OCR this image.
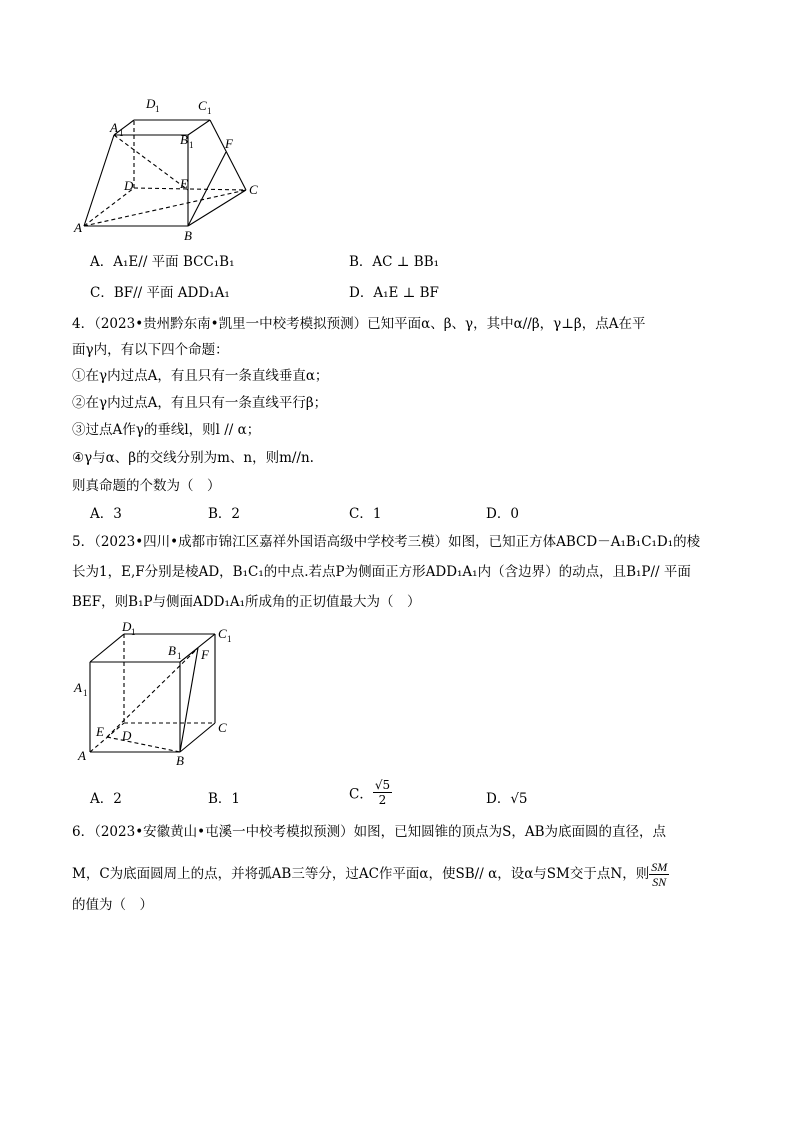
A
B
C
D	E
F
A 1	B 1
C 1
D 1
A．A₁E// 平面 BCC₁B₁	B．AC ⊥ BB₁
C．BF// 平面 ADD₁A₁	D．A₁E ⊥ BF
4．（2023•贵州黔东南•凯里一中校考模拟预测）已知平面α、β、γ，其中α//β，γ⊥β，点A在平
面γ内，有以下四个命题：
①在γ内过点A，有且只有一条直线垂直α；
②在γ内过点A，有且只有一条直线平行β；
③过点A作γ的垂线l，则l // α；
④γ与α、β的交线分别为m、n，则m//n.
则真命题的个数为（　）
A．3	B．2	C．1	D．0
5．（2023•四川•成都市锦江区嘉祥外国语高级中学校考三模）如图，已知正方体ABCD－A₁B₁C₁D₁的棱
长为1，E,F分别是棱AD，B₁C₁的中点.若点P为侧面正方形ADD₁A₁内（含边界）的动点，且B₁P// 平面
BEF，则B₁P与侧面ADD₁A₁所成角的正切值最大为（　）
A 1
D 1	C 1
B 1 F
C
E D
A	B
A．2	B．1	C． $\frac{√5}{2}$	D．√5
6．（2023•安徽黄山•屯溪一中校考模拟预测）如图，已知圆锥的顶点为S，AB为底面圆的直径，点
M，C为底面圆周上的点，并将弧AB三等分，过AC作平面α，使SB// α，设α与SM交于点N，则 $\frac{SM}{SN}$
的值为（　）
